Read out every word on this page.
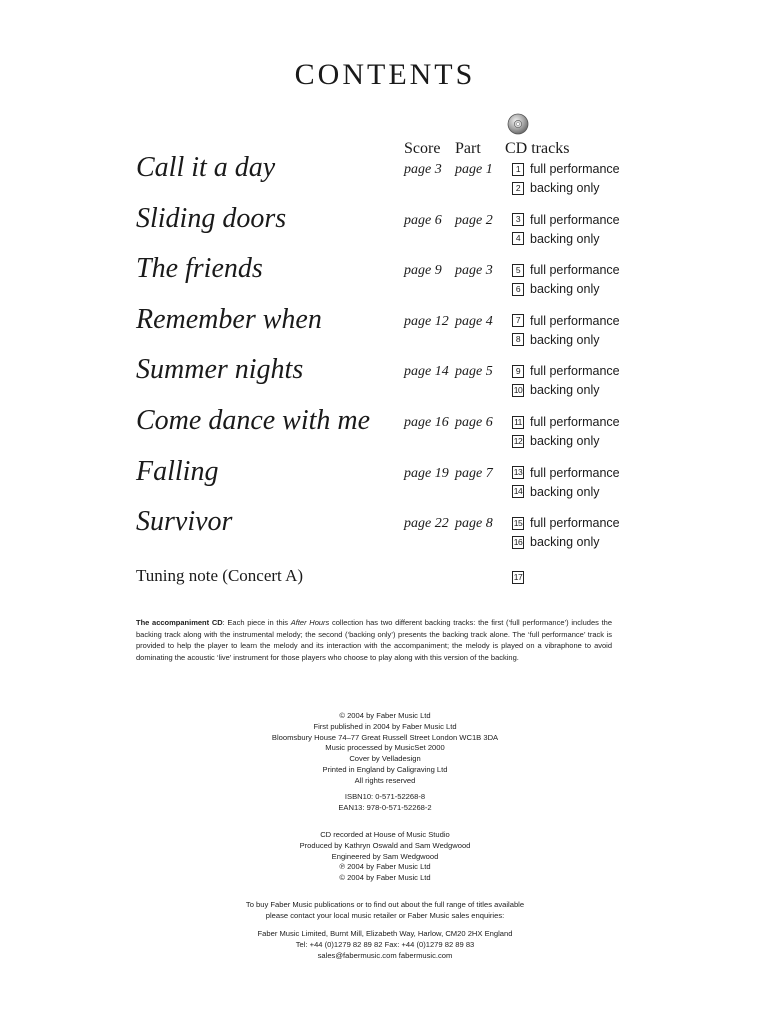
CONTENTS
Score Part CD tracks
Call it a day	page 3 page 1	1 full performance
2 backing only
Sliding doors	page 6 page 2	3 full performance
4 backing only
The friends	page 9 page 3	5 full performance
6 backing only
Remember when	page 12 page 4	7 full performance
8 backing only
Summer nights	page 14 page 5	9 full performance
10 backing only
Come dance with me page 16 page 6	11 full performance
12 backing only
Falling	page 19 page 7 13 full performance
14 backing only
Survivor	page 22 page 8 15 full performance
16 backing only
Tuning note (Concert A)	17
The accompaniment CD: Each piece in this After Hours collection has two different backing tracks: the first (‘full performance’) includes the backing track along with the instrumental melody; the second (‘backing only’) presents the backing track alone. The ‘full performance’ track is provided to help the player to learn the melody and its interaction with the accompaniment; the melody is played on a vibraphone to avoid dominating the acoustic ‘live’ instrument for those players who choose to play along with this version of the backing.
© 2004 by Faber Music Ltd
First published in 2004 by Faber Music Ltd
Bloomsbury House 74–77 Great Russell Street London WC1B 3DA
Music processed by MusicSet 2000
Cover by Velladesign
Printed in England by Caligraving Ltd
All rights reserved
ISBN10: 0-571-52268-8
EAN13: 978-0-571-52268-2
CD recorded at House of Music Studio
Produced by Kathryn Oswald and Sam Wedgwood
Engineered by Sam Wedgwood
℗ 2004 by Faber Music Ltd
© 2004 by Faber Music Ltd
To buy Faber Music publications or to find out about the full range of titles available
please contact your local music retailer or Faber Music sales enquiries:
Faber Music Limited, Burnt Mill, Elizabeth Way, Harlow, CM20 2HX England
Tel: +44 (0)1279 82 89 82 Fax: +44 (0)1279 82 89 83
sales@fabermusic.com fabermusic.com
